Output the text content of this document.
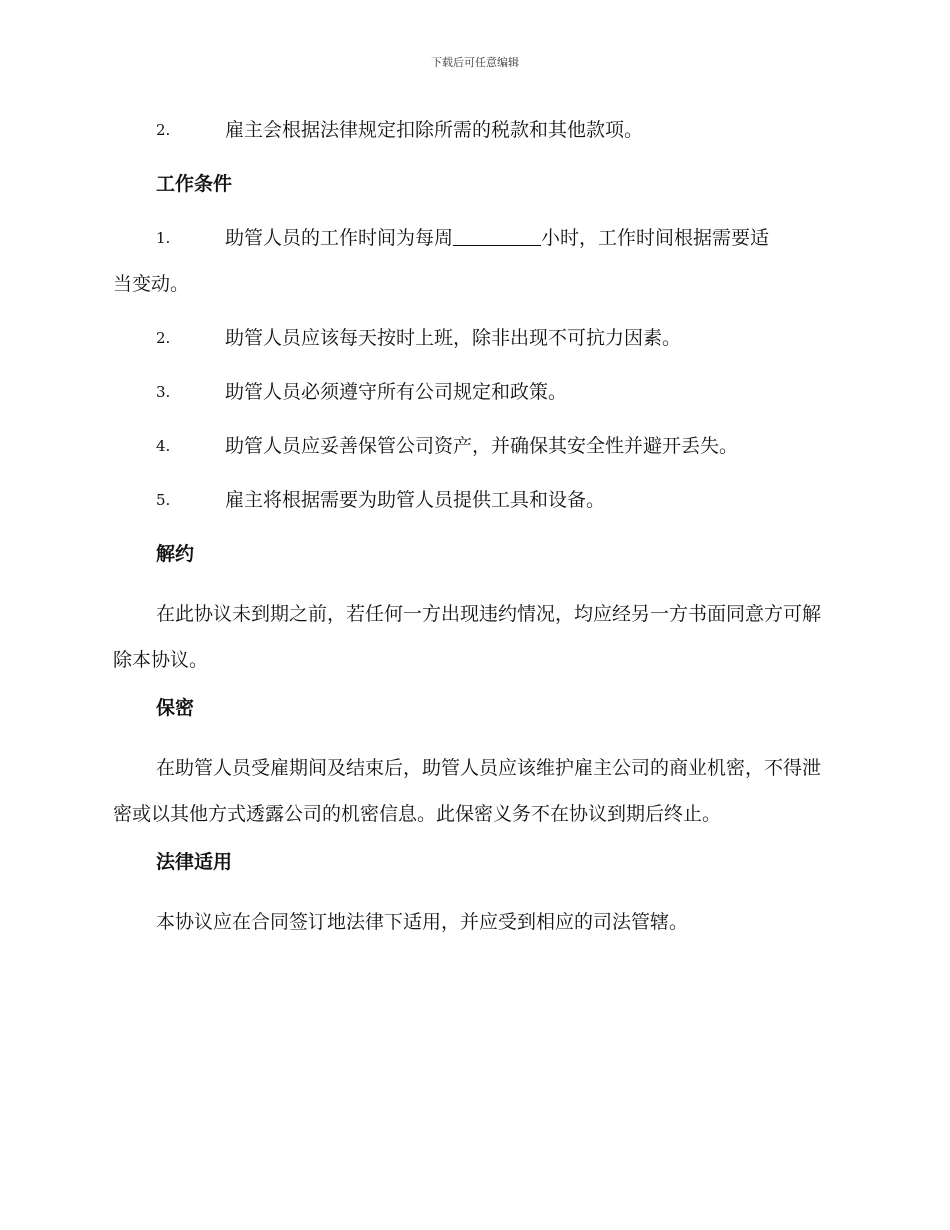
下载后可任意编辑
2.	雇主会根据法律规定扣除所需的税款和其他款项。
工作条件
1.	助管人员的工作时间为每周	小时，工作时间根据需要适
当变动。
2.	助管人员应该每天按时上班，除非出现不可抗力因素。
3.	助管人员必须遵守所有公司规定和政策。
4.	助管人员应妥善保管公司资产，并确保其安全性并避开丢失。
5.	雇主将根据需要为助管人员提供工具和设备。
解约
在此协议未到期之前，若任何一方出现违约情况，均应经另一方书面同意方可解除本协议。
保密
在助管人员受雇期间及结束后，助管人员应该维护雇主公司的商业机密，不得泄密或以其他方式透露公司的机密信息。此保密义务不在协议到期后终止。
法律适用
本协议应在合同签订地法律下适用，并应受到相应的司法管辖。
